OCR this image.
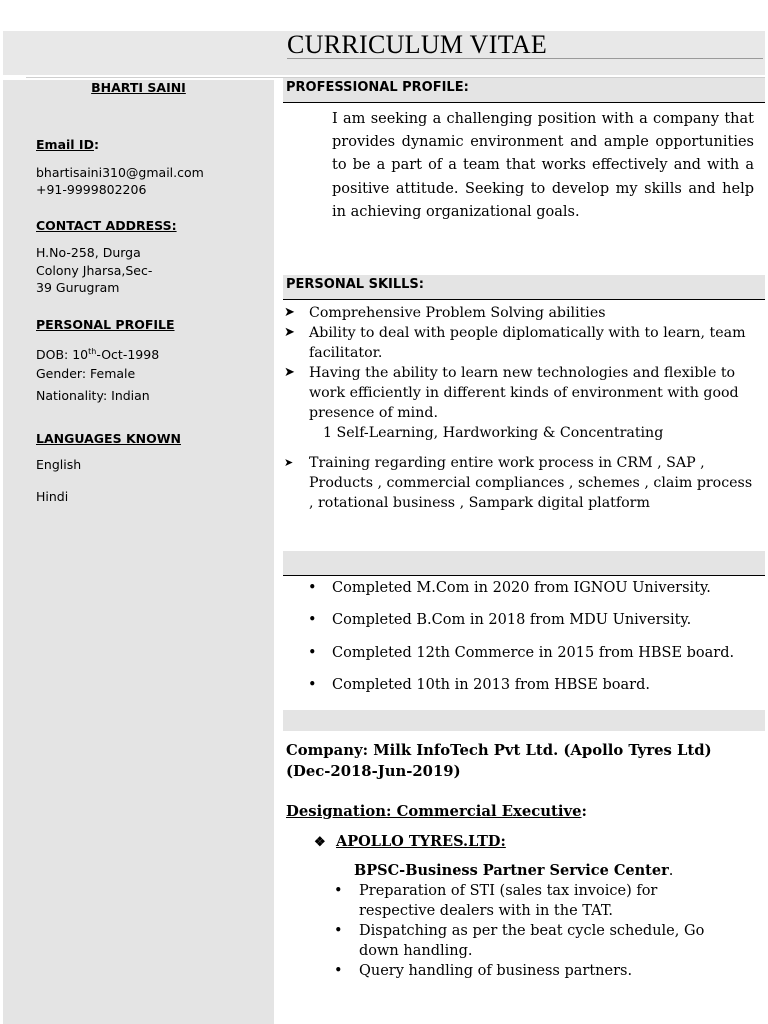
CURRICULUM VITAE
BHARTI SAINI
Email ID:
bhartisaini310@gmail.com
+91-9999802206
CONTACT ADDRESS:
H.No-258, Durga
Colony Jharsa,Sec-
39 Gurugram
PERSONAL PROFILE
DOB: 10th-Oct-1998
Gender: Female
Nationality: Indian
LANGUAGES KNOWN
English
Hindi
PROFESSIONAL PROFILE:
I am seeking a challenging position with a company that provides dynamic environment and ample opportunities to be a part of a team that works effectively and with a positive attitude. Seeking to develop my skills and help in achieving organizational goals.
PERSONAL SKILLS:
➤ Comprehensive Problem Solving abilities
➤ Ability to deal with people diplomatically with to learn, team facilitator.
➤ Having the ability to learn new technologies and flexible to work efficiently in different kinds of environment with good presence of mind.
1 Self-Learning, Hardworking & Concentrating
➤ Training regarding entire work process in CRM , SAP , Products , commercial compliances , schemes , claim process , rotational business , Sampark digital platform
• Completed M.Com in 2020 from IGNOU University.
• Completed B.Com in 2018 from MDU University.
• Completed 12th Commerce in 2015 from HBSE board.
• Completed 10th in 2013 from HBSE board.
Company: Milk InfoTech Pvt Ltd. (Apollo Tyres Ltd)
(Dec-2018-Jun-2019)
Designation: Commercial Executive:
❖ APOLLO TYRES.LTD:
BPSC-Business Partner Service Center.
• Preparation of STI (sales tax invoice) for respective dealers with in the TAT.
• Dispatching as per the beat cycle schedule, Go down handling.
• Query handling of business partners.
